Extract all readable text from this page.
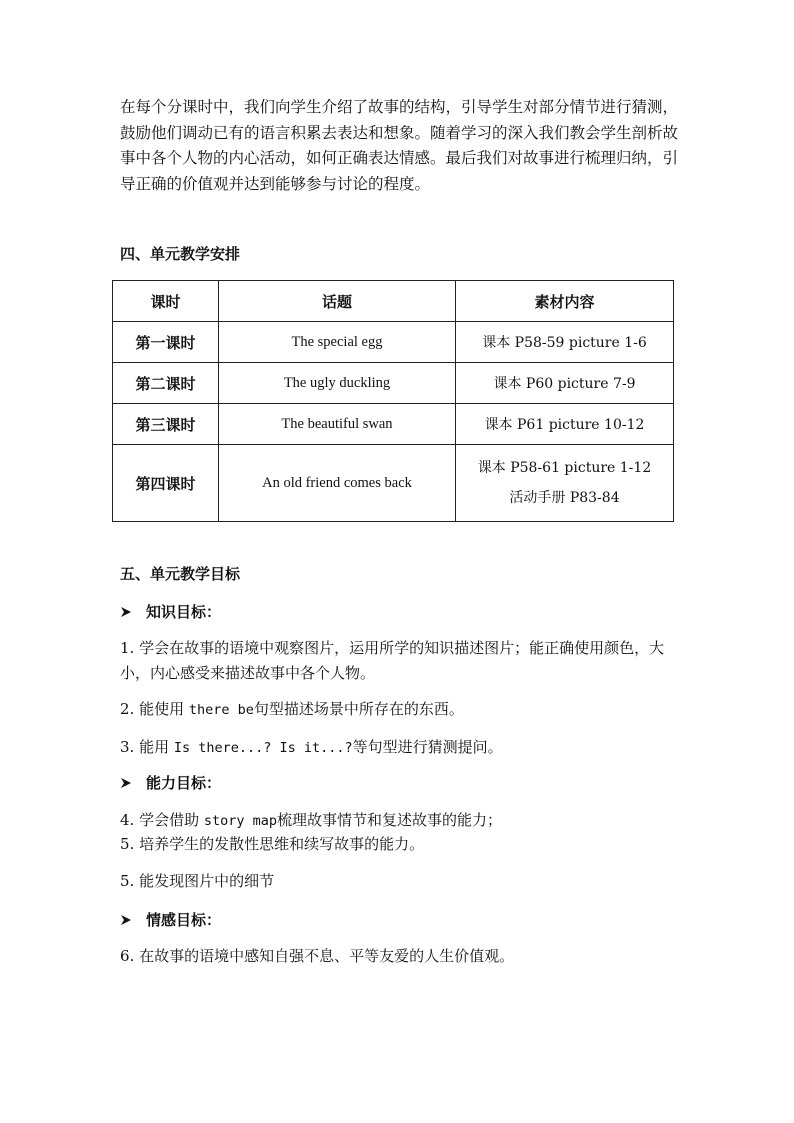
在每个分课时中，我们向学生介绍了故事的结构，引导学生对部分情节进行猜测，鼓励他们调动已有的语言积累去表达和想象。随着学习的深入我们教会学生剖析故事中各个人物的内心活动，如何正确表达情感。最后我们对故事进行梳理归纳，引导正确的价值观并达到能够参与讨论的程度。
四、单元教学安排
课时	话题	素材内容
第一课时	The special egg	课本 P58-59 picture 1-6
第二课时	The ugly duckling	课本 P60 picture 7-9
第三课时	The beautiful swan	课本 P61 picture 10-12
第四课时	An old friend comes back	课本 P58-61 picture 1-12
活动手册 P83-84
五、单元教学目标
知识目标：
1. 学会在故事的语境中观察图片，运用所学的知识描述图片；能正确使用颜色，大小，内心感受来描述故事中各个人物。
2. 能使用 there be句型描述场景中所存在的东西。
3. 能用 Is there...? Is it...?等句型进行猜测提问。
能力目标：
4. 学会借助 story map梳理故事情节和复述故事的能力；
5. 培养学生的发散性思维和续写故事的能力。
5. 能发现图片中的细节
情感目标：
6. 在故事的语境中感知自强不息、平等友爱的人生价值观。
